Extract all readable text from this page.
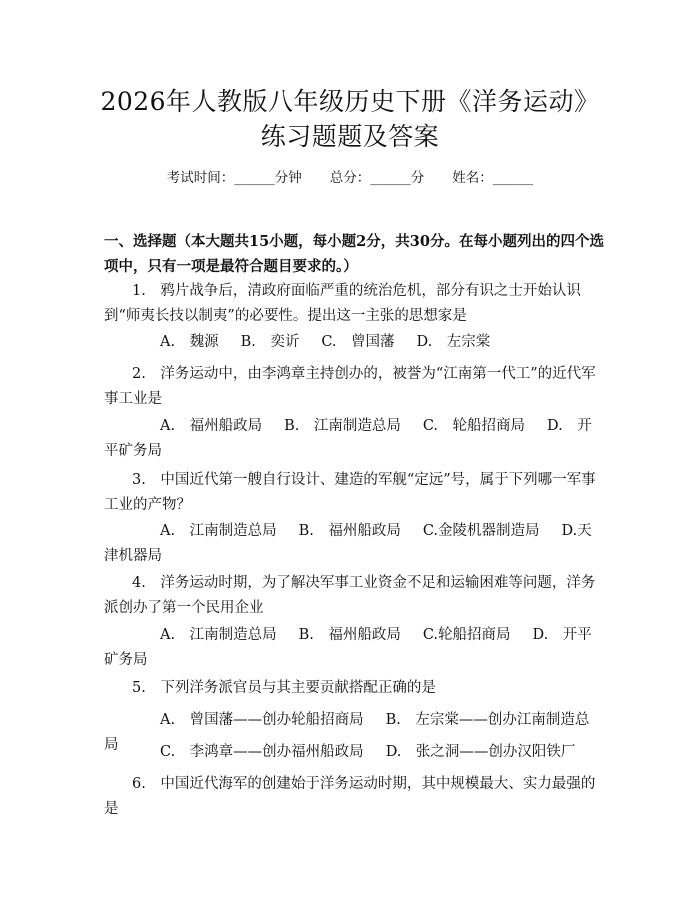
2026年人教版八年级历史下册《洋务运动》
练习题题及答案
考试时间：______分钟 总分：______分 姓名：______
一、选择题（本大题共15小题，每小题2分，共30分。在每小题列出的四个选项中，只有一项是最符合题目要求的。）
1.　鸦片战争后，清政府面临严重的统治危机，部分有识之士开始认识到“师夷长技以制夷”的必要性。提出这一主张的思想家是
A.　魏源 B.　奕䜣 C.　曾国藩 D.　左宗棠
2.　洋务运动中，由李鸿章主持创办的，被誉为“江南第一代工”的近代军事工业是
A.　福州船政局 B.　江南制造总局 C.　轮船招商局 D.　开平矿务局
3.　中国近代第一艘自行设计、建造的军舰“定远”号，属于下列哪一军事工业的产物？
A.　江南制造总局 B.　福州船政局 C.金陵机器制造局 D.天津机器局
4.　洋务运动时期，为了解决军事工业资金不足和运输困难等问题，洋务派创办了第一个民用企业
A.　江南制造总局 B.　福州船政局 C.轮船招商局 D.　开平矿务局
5.　下列洋务派官员与其主要贡献搭配正确的是
A.　曾国藩——创办轮船招商局 B.　左宗棠——创办江南制造总局	C.　李鸿章——创办福州船政局 D.　张之洞——创办汉阳铁厂
6.　中国近代海军的创建始于洋务运动时期，其中规模最大、实力最强的是
